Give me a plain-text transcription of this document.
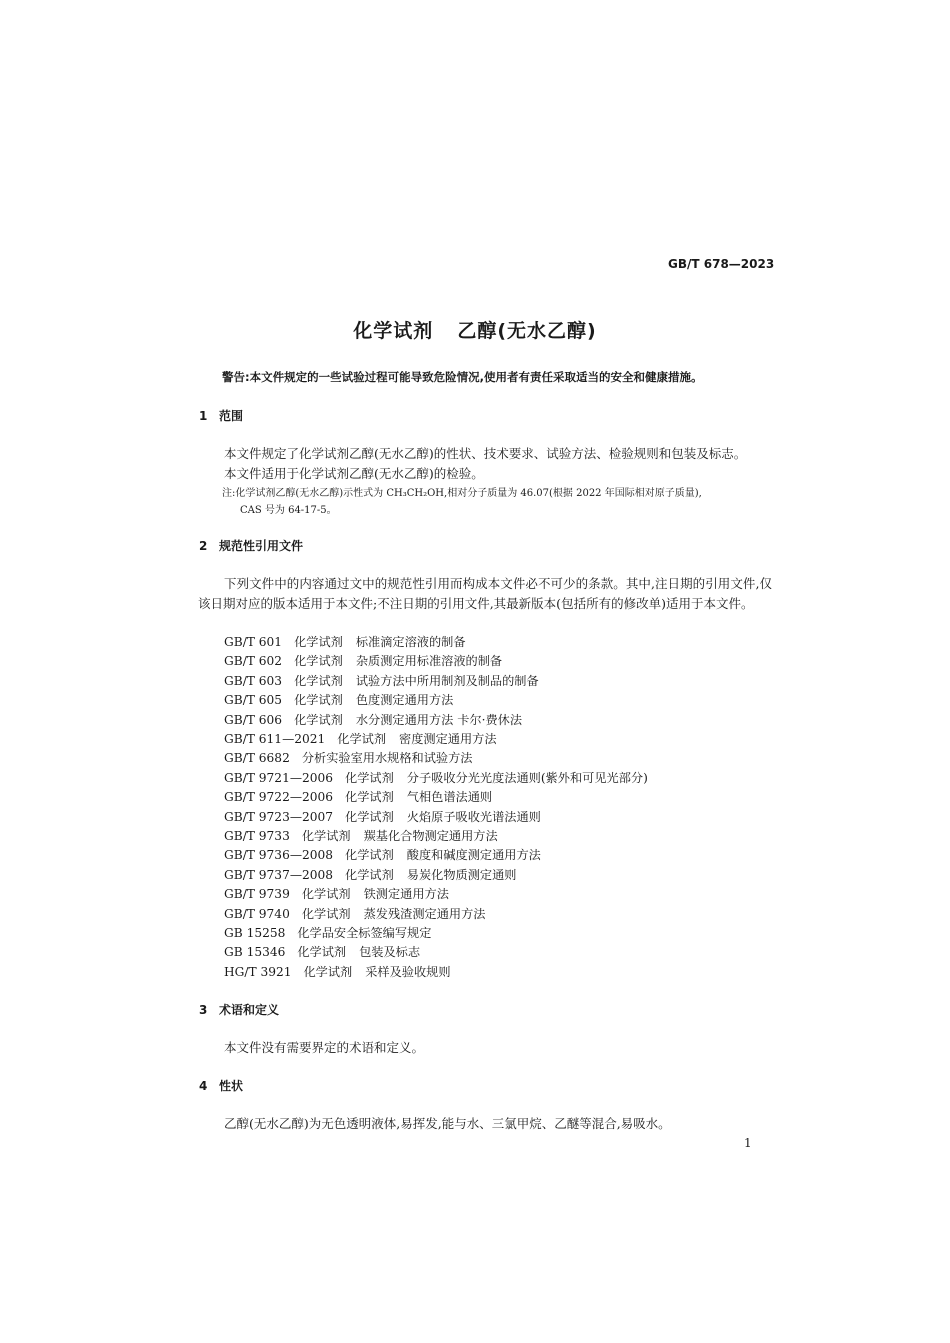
GB/T 678—2023
化学试剂 乙醇(无水乙醇)
警告:本文件规定的一些试验过程可能导致危险情况,使用者有责任采取适当的安全和健康措施。
1 范围
本文件规定了化学试剂乙醇(无水乙醇)的性状、技术要求、试验方法、检验规则和包装及标志。
本文件适用于化学试剂乙醇(无水乙醇)的检验。
注:化学试剂乙醇(无水乙醇)示性式为 CH₃CH₂OH,相对分子质量为 46.07(根据 2022 年国际相对原子质量),
CAS 号为 64-17-5。
2 规范性引用文件
下列文件中的内容通过文中的规范性引用而构成本文件必不可少的条款。其中,注日期的引用文件,仅该日期对应的版本适用于本文件;不注日期的引用文件,其最新版本(包括所有的修改单)适用于本文件。
GB/T 601 化学试剂 标准滴定溶液的制备
GB/T 602 化学试剂 杂质测定用标准溶液的制备
GB/T 603 化学试剂 试验方法中所用制剂及制品的制备
GB/T 605 化学试剂 色度测定通用方法
GB/T 606 化学试剂 水分测定通用方法 卡尔·费休法
GB/T 611—2021 化学试剂 密度测定通用方法
GB/T 6682 分析实验室用水规格和试验方法
GB/T 9721—2006 化学试剂 分子吸收分光光度法通则(紫外和可见光部分)
GB/T 9722—2006 化学试剂 气相色谱法通则
GB/T 9723—2007 化学试剂 火焰原子吸收光谱法通则
GB/T 9733 化学试剂 羰基化合物测定通用方法
GB/T 9736—2008 化学试剂 酸度和碱度测定通用方法
GB/T 9737—2008 化学试剂 易炭化物质测定通则
GB/T 9739 化学试剂 铁测定通用方法
GB/T 9740 化学试剂 蒸发残渣测定通用方法
GB 15258 化学品安全标签编写规定
GB 15346 化学试剂 包装及标志
HG/T 3921 化学试剂 采样及验收规则
3 术语和定义
本文件没有需要界定的术语和定义。
4 性状
乙醇(无水乙醇)为无色透明液体,易挥发,能与水、三氯甲烷、乙醚等混合,易吸水。
1
